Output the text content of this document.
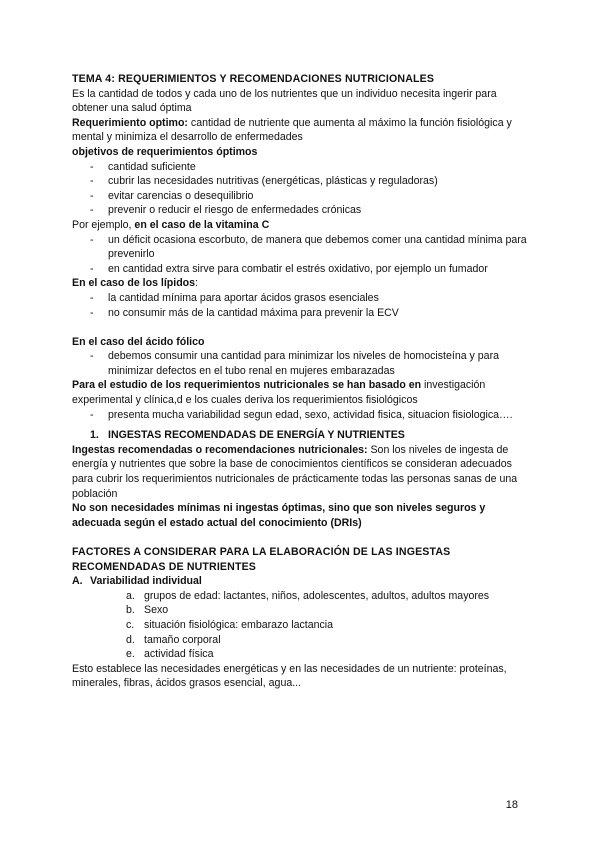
TEMA 4: REQUERIMIENTOS Y RECOMENDACIONES NUTRICIONALES

Es la cantidad de todos y cada uno de los nutrientes que un individuo necesita ingerir para obtener una salud óptima

Requerimiento optimo: cantidad de nutriente que aumenta al máximo la función fisiológica y mental y minimiza el desarrollo de enfermedades

objetivos de requerimientos óptimos

- cantidad suficiente
- cubrir las necesidades nutritivas (energéticas, plásticas y reguladoras)
- evitar carencias o desequilibrio
- prevenir o reducir el riesgo de enfermedades crónicas

Por ejemplo, en el caso de la vitamina C

- un déficit ocasiona escorbuto, de manera que debemos comer una cantidad mínima para prevenirlo
- en cantidad extra sirve para combatir el estrés oxidativo, por ejemplo un fumador

En el caso de los lípidos:

- la cantidad mínima para aportar ácidos grasos esenciales
- no consumir más de la cantidad máxima para prevenir la ECV

En el caso del ácido fólico

- debemos consumir una cantidad para minimizar los niveles de homocisteína y para minimizar defectos en el tubo renal en mujeres embarazadas

Para el estudio de los requerimientos nutricionales se han basado en investigación experimental y clínica,d e los cuales deriva los requerimientos fisiológicos

- presenta mucha variabilidad segun edad, sexo, actividad fisica, situacion fisiologica….

1. INGESTAS RECOMENDADAS DE ENERGÍA Y NUTRIENTES

Ingestas recomendadas o recomendaciones nutricionales: Son los niveles de ingesta de energía y nutrientes que sobre la base de conocimientos científicos se consideran adecuados para cubrir los requerimientos nutricionales de prácticamente todas las personas sanas de una población

No son necesidades mínimas ni ingestas óptimas, sino que son niveles seguros y adecuada según el estado actual del conocimiento (DRIs)

FACTORES A CONSIDERAR PARA LA ELABORACIÓN DE LAS INGESTAS RECOMENDADAS DE NUTRIENTES

A. Variabilidad individual

a. grupos de edad: lactantes, niños, adolescentes, adultos, adultos mayores
b. Sexo
c. situación fisiológica: embarazo lactancia
d. tamaño corporal
e. actividad física

Esto establece las necesidades energéticas y en las necesidades de un nutriente: proteínas, minerales, fibras, ácidos grasos esencial, agua...

18
